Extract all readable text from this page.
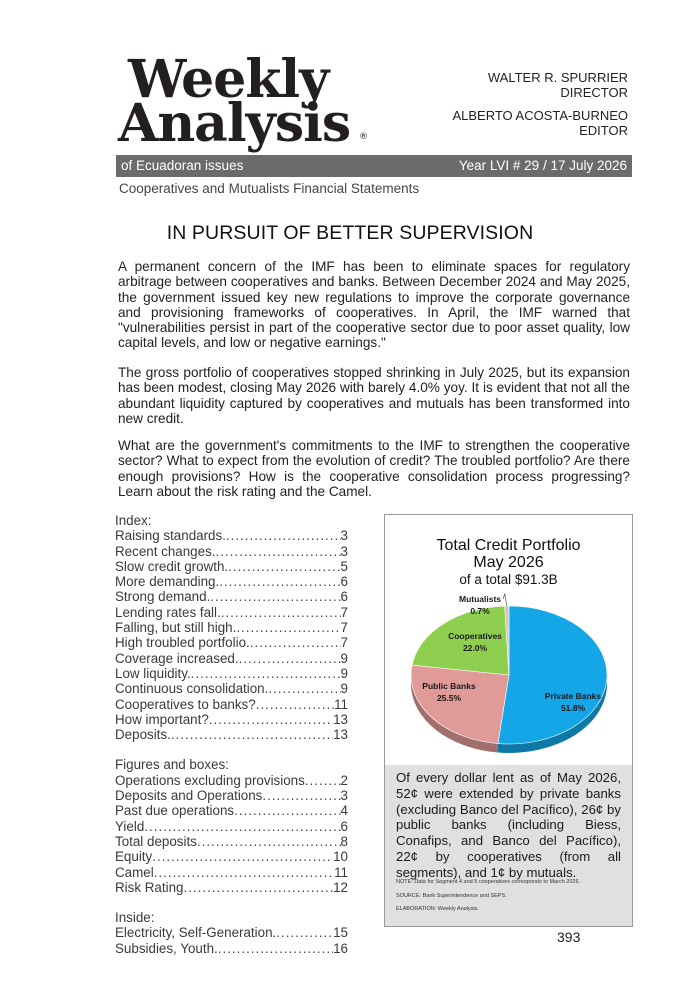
Weekly
Analysis ®
WALTER R. SPURRIER
DIRECTOR
ALBERTO ACOSTA-BURNEO
EDITOR
of Ecuadoran issues	Year LVI # 29 / 17 July 2026
Cooperatives and Mutualists Financial Statements
IN PURSUIT OF BETTER SUPERVISION

A permanent concern of the IMF has been to eliminate spaces for regulatory arbitrage between cooperatives and banks. Between December 2024 and May 2025, the government issued key new regulations to improve the corporate governance and provisioning frameworks of cooperatives. In April, the IMF warned that "vulnerabilities persist in part of the cooperative sector due to poor asset quality, low capital levels, and low or negative earnings."

The gross portfolio of cooperatives stopped shrinking in July 2025, but its expansion has been modest, closing May 2026 with barely 4.0% yoy. It is evident that not all the abundant liquidity captured by cooperatives and mutuals has been transformed into new credit.

What are the government's commitments to the IMF to strengthen the cooperative sector? What to expect from the evolution of credit? The troubled portfolio? Are there enough provisions? How is the cooperative consolidation process progressing? Learn about the risk rating and the Camel.

Index:
Raising standards. .....	3
Recent changes. .....	3
Slow credit growth. .....	5
More demanding. .....	6
Strong demand. .....	6
Lending rates fall. .....	7
Falling, but still high. .....	7
High troubled portfolio. .....	7
Coverage increased. .....	9
Low liquidity. .....	9
Continuous consolidation. .....	9
Cooperatives to banks? .....	11
How important? .....	13
Deposits. .....	13
Figures and boxes:
Operations excluding provisions .....	2
Deposits and Operations .....	3
Past due operations .....	4
Yield .....	6
Total deposits .....	8
Equity .....	10
Camel .....	11
Risk Rating .....	12
Inside:
Electricity, Self-Generation. .....	15
Subsidies, Youth. .....	16
Total Credit Portfolio
May 2026
of a total $91.3B
Private Banks
51.8%
Public Banks
25.5%
Cooperatives
22.0%
Mutualists
0.7%

Of every dollar lent as of May 2026, 52¢ were extended by private banks (excluding Banco del Pacífico), 26¢ by public banks (including Biess, Conafips, and Banco del Pacífico), 22¢ by cooperatives (from all segments), and 1¢ by mutuals.

NOTE: Data for Segment 4 and 5 cooperatives corresponds to March 2026.
SOURCE: Bank Superintendence and SEPS.
ELABORATION: Weekly Analysis.
393
